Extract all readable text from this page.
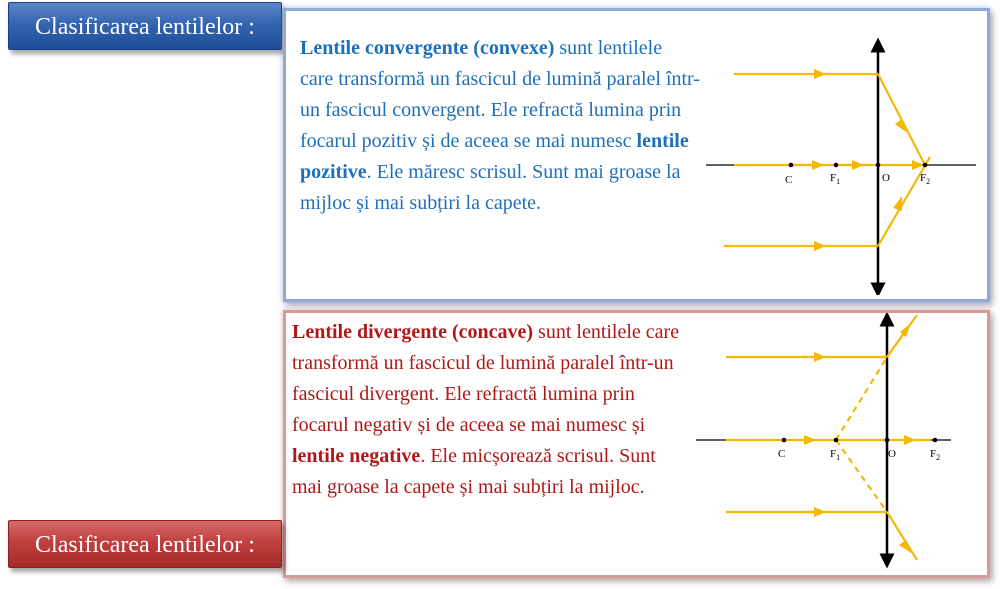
Clasificarea lentilelor :
Lentile convergente (convexe) sunt lentilele care transformă un fascicul de lumină paralel într-un fascicul convergent. Ele refractă lumina prin focarul pozitiv și de aceea se mai numesc lentile pozitive. Ele măresc scrisul. Sunt mai groase la mijloc și mai subțiri la capete.
C	$F_1$	O	$F_2$
Lentile divergente (concave) sunt lentilele care transformă un fascicul de lumină paralel într-un fascicul divergent. Ele refractă lumina prin focarul negativ și de aceea se mai numesc și lentile negative. Ele micșorează scrisul. Sunt mai groase la capete și mai subțiri la mijloc.
C	$F_1$	O	$F_2$
Clasificarea lentilelor :
